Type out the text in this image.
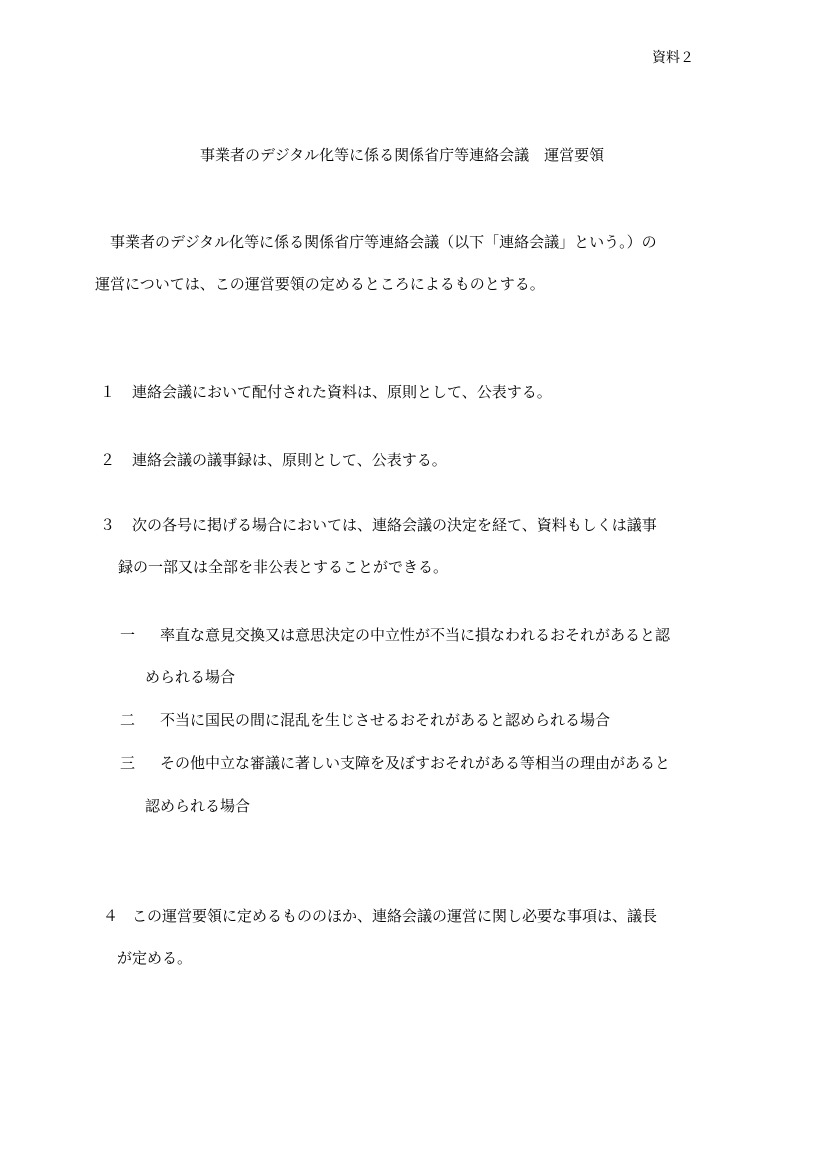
資料２
事業者のデジタル化等に係る関係省庁等連絡会議　運営要領

　事業者のデジタル化等に係る関係省庁等連絡会議（以下「連絡会議」という。）の

運営については、この運営要領の定めるところによるものとする。

１ 連絡会議において配付された資料は、原則として、公表する。
２ 連絡会議の議事録は、原則として、公表する。
３ 次の各号に掲げる場合においては、連絡会議の決定を経て、資料もしくは議事
録の一部又は全部を非公表とすることができる。
一 率直な意見交換又は意思決定の中立性が不当に損なわれるおそれがあると認
められる場合
二 不当に国民の間に混乱を生じさせるおそれがあると認められる場合
三 その他中立な審議に著しい支障を及ぼすおそれがある等相当の理由があると
認められる場合
４ この運営要領に定めるもののほか、連絡会議の運営に関し必要な事項は、議長
が定める。
